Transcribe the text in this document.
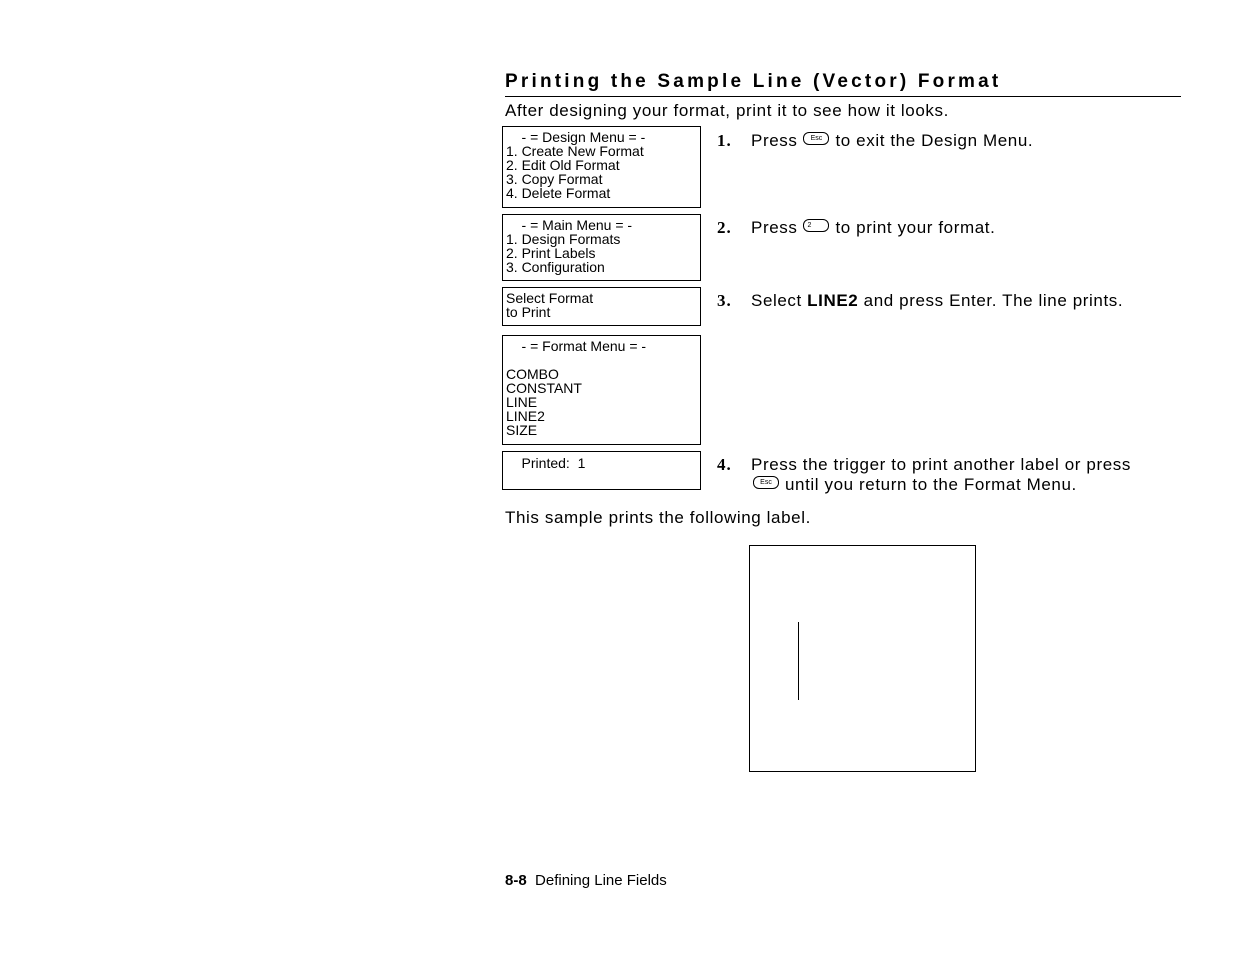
Printing the Sample Line (Vector) Format
After designing your format, print it to see how it looks.
- = Design Menu = -
1. Create New Format
2. Edit Old Format
3. Copy Format
4. Delete Format
- = Main Menu = -
1. Design Formats
2. Print Labels
3. Configuration
Select Format
to Print
- = Format Menu = -
COMBO
CONSTANT
LINE
LINE2
SIZE
Printed:  1
1. Press Esc to exit the Design Menu.
2. Press 2 to print your format.
3. Select LINE2 and press Enter. The line prints.
4. Press the trigger to print another label or press
Esc until you return to the Format Menu.
This sample prints the following label.
8-8 Defining Line Fields
